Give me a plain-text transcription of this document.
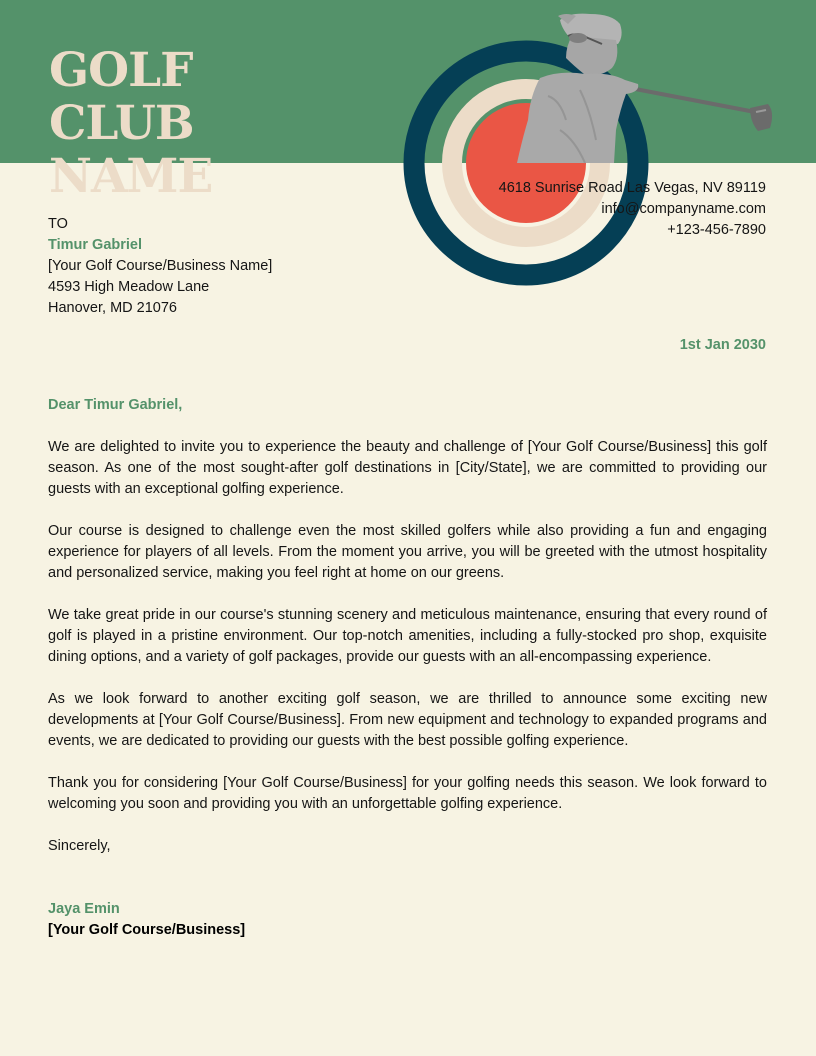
GOLF CLUB
NAME	4618 Sunrise Road Las Vegas, NV 89119
info@companyname.com
+123-456-7890
TO
Timur Gabriel
[Your Golf Course/Business Name]
4593 High Meadow Lane
Hanover, MD 21076
1st Jan 2030

Dear Timur Gabriel,

We are delighted to invite you to experience the beauty and challenge of [Your Golf Course/Business] this golf season. As one of the most sought-after golf destinations in [City/State], we are committed to providing our guests with an exceptional golfing experience.

Our course is designed to challenge even the most skilled golfers while also providing a fun and engaging experience for players of all levels. From the moment you arrive, you will be greeted with the utmost hospitality and personalized service, making you feel right at home on our greens.

We take great pride in our course's stunning scenery and meticulous maintenance, ensuring that every round of golf is played in a pristine environment. Our top-notch amenities, including a fully-stocked pro shop, exquisite dining options, and a variety of golf packages, provide our guests with an all-encompassing experience.

As we look forward to another exciting golf season, we are thrilled to announce some exciting new developments at [Your Golf Course/Business]. From new equipment and technology to expanded programs and events, we are dedicated to providing our guests with the best possible golfing experience.

Thank you for considering [Your Golf Course/Business] for your golfing needs this season. We look forward to welcoming you soon and providing you with an unforgettable golfing experience.

Sincerely,
Jaya Emin
[Your Golf Course/Business]
